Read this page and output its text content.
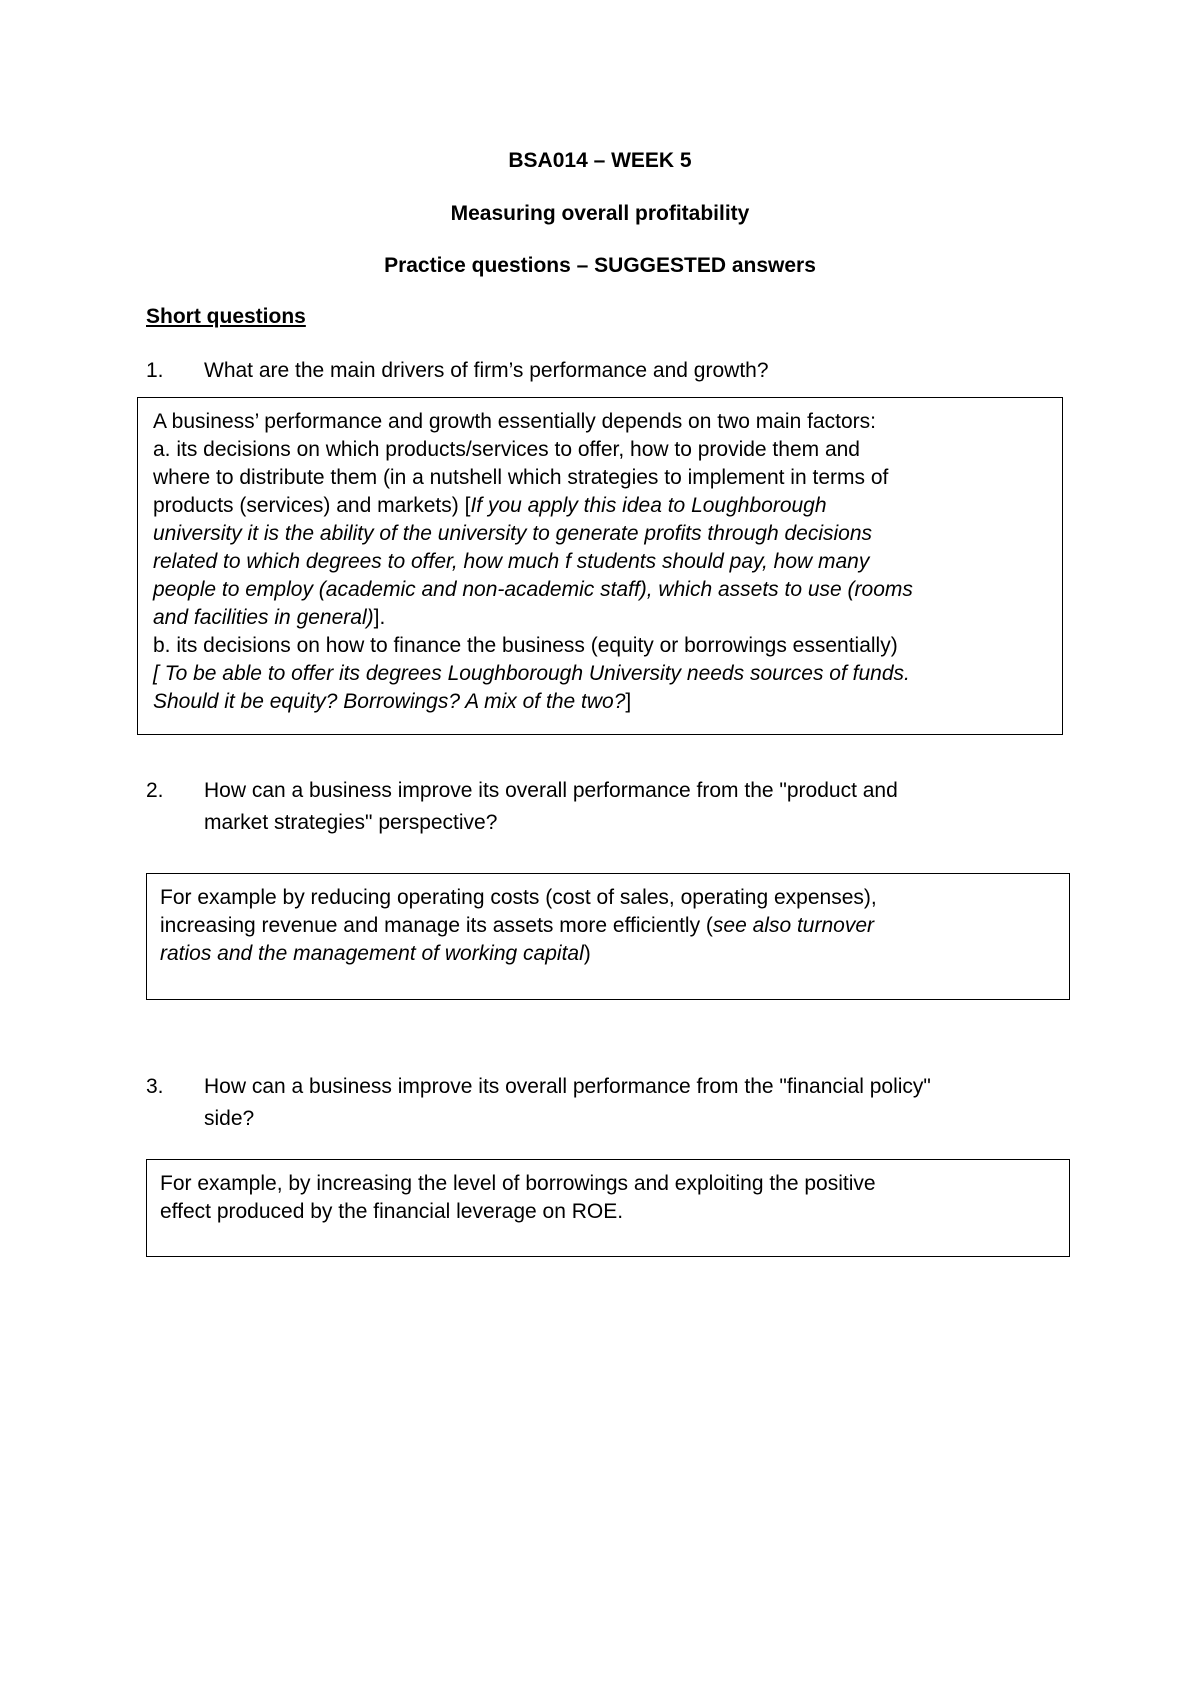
BSA014 – WEEK 5
Measuring overall profitability
Practice questions – SUGGESTED answers
Short questions
1. What are the main drivers of firm’s performance and growth?

A business’ performance and growth essentially depends on two main factors:
a. its decisions on which products/services to offer, how to provide them and
where to distribute them (in a nutshell which strategies to implement in terms of
products (services) and markets) [If you apply this idea to Loughborough
university it is the ability of the university to generate profits through decisions
related to which degrees to offer, how much f students should pay, how many
people to employ (academic and non-academic staff), which assets to use (rooms
and facilities in general)].
b. its decisions on how to finance the business (equity or borrowings essentially)
[ To be able to offer its degrees Loughborough University needs sources of funds.
Should it be equity? Borrowings? A mix of the two?]

2. How can a business improve its overall performance from the "product and
market strategies" perspective?

For example by reducing operating costs (cost of sales, operating expenses),
increasing revenue and manage its assets more efficiently (see also turnover
ratios and the management of working capital)

3. How can a business improve its overall performance from the "financial policy"
side?

For example, by increasing the level of borrowings and exploiting the positive
effect produced by the financial leverage on ROE.
